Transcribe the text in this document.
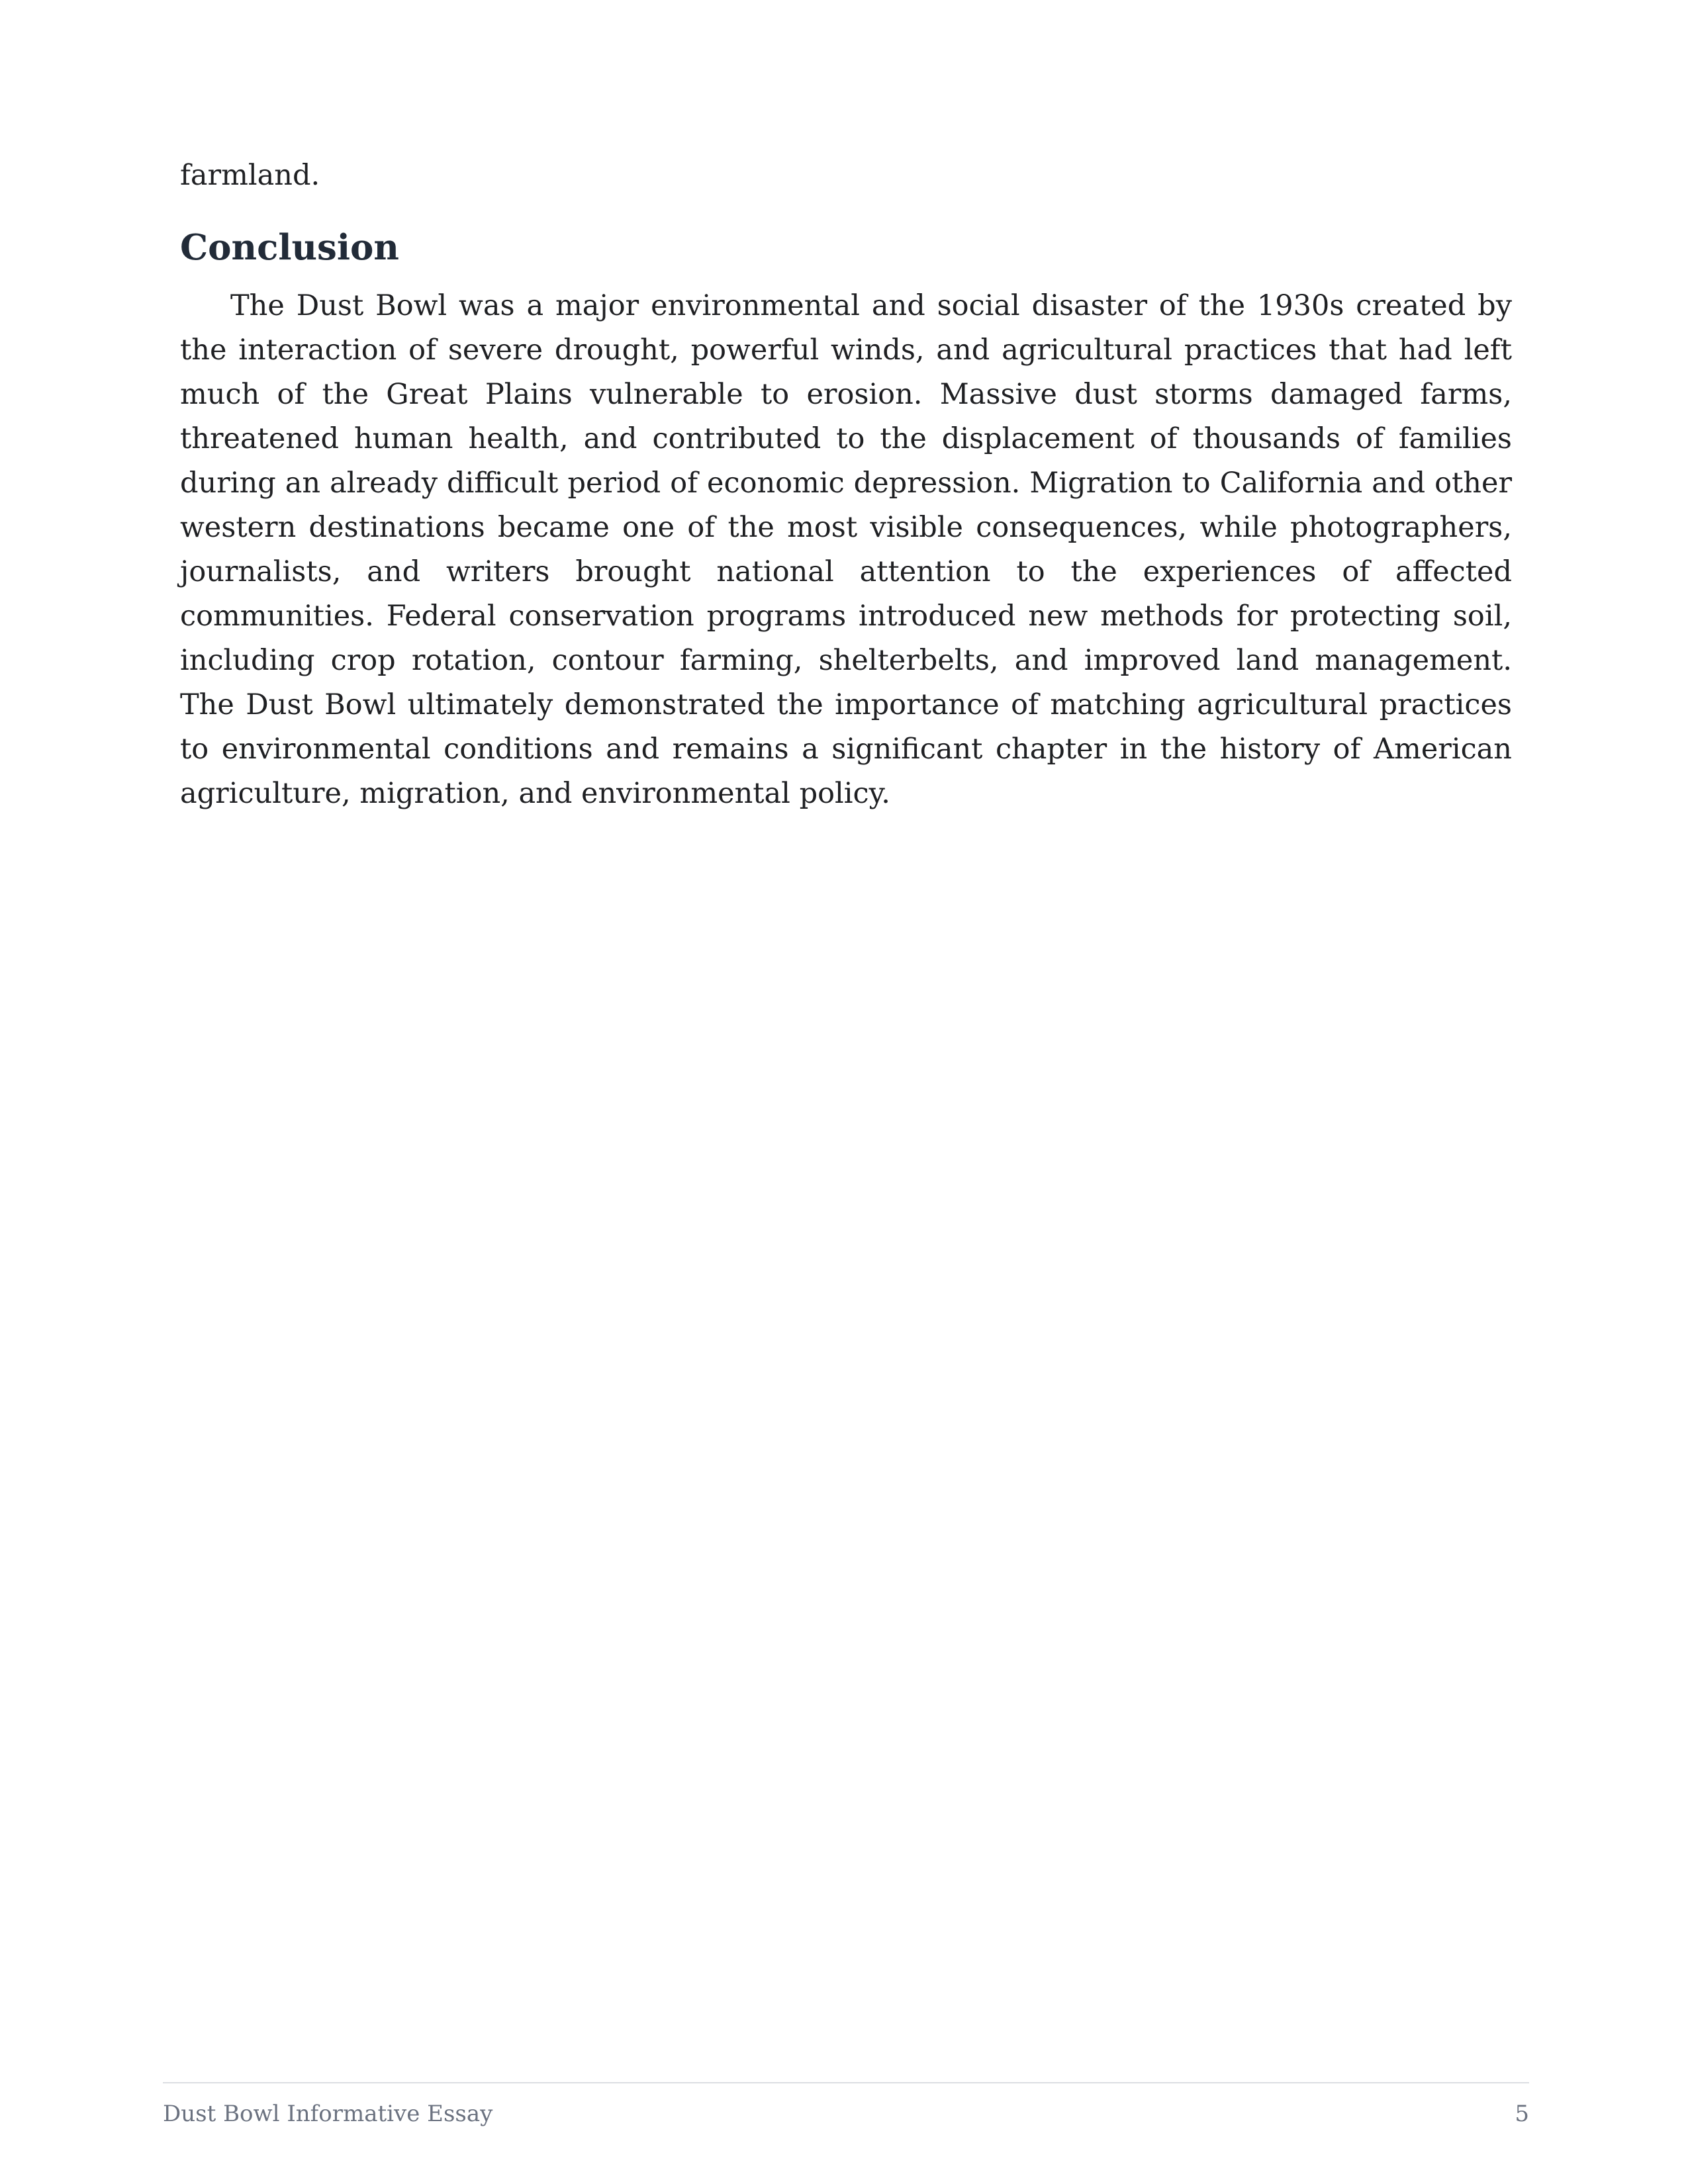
farmland.

Conclusion

The Dust Bowl was a major environmental and social disaster of the 1930s created by the interaction of severe drought, powerful winds, and agricultural practices that had left much of the Great Plains vulnerable to erosion. Massive dust storms damaged farms, threatened human health, and contributed to the displacement of thousands of families during an already difficult period of economic depression. Migration to California and other western destinations became one of the most visible consequences, while photographers, journalists, and writers brought national attention to the experiences of affected communities. Federal conservation programs introduced new methods for protecting soil, including crop rotation, contour farming, shelterbelts, and improved land management. The Dust Bowl ultimately demonstrated the importance of matching agricultural practices to environmental conditions and remains a significant chapter in the history of American agriculture, migration, and environmental policy.

Dust Bowl Informative Essay	5
